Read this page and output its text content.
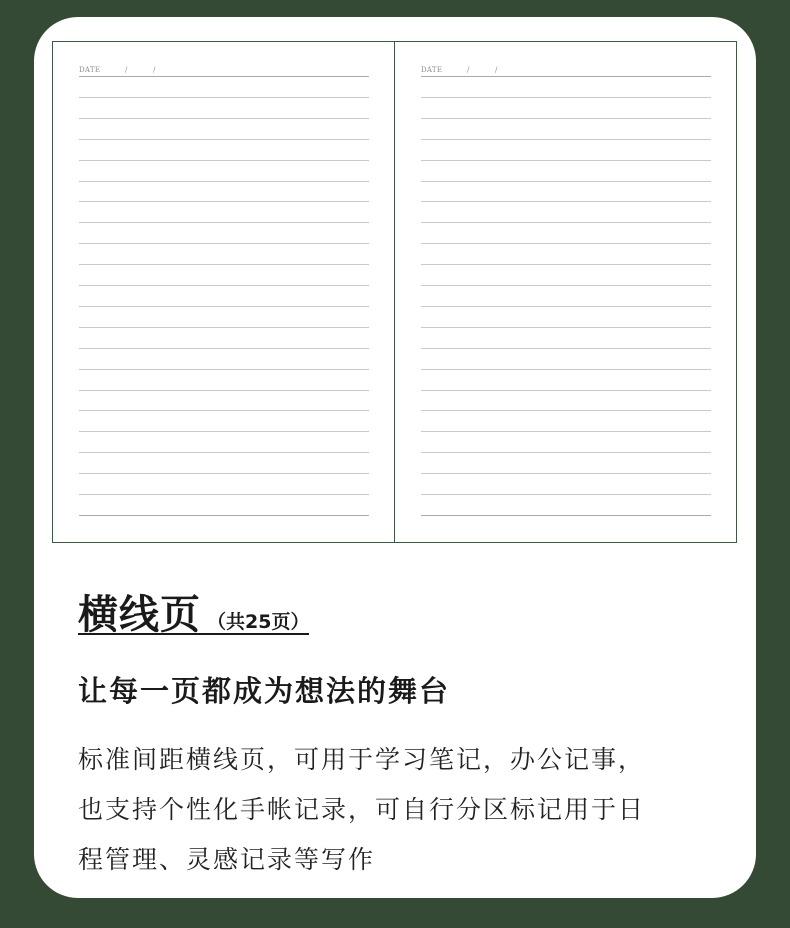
DATE	/	/	DATE	/	/
横线页 （共25页）
让每一页都成为想法的舞台
标准间距横线页，可用于学习笔记，办公记事，
也支持个性化手帐记录，可自行分区标记用于日
程管理、灵感记录等写作
